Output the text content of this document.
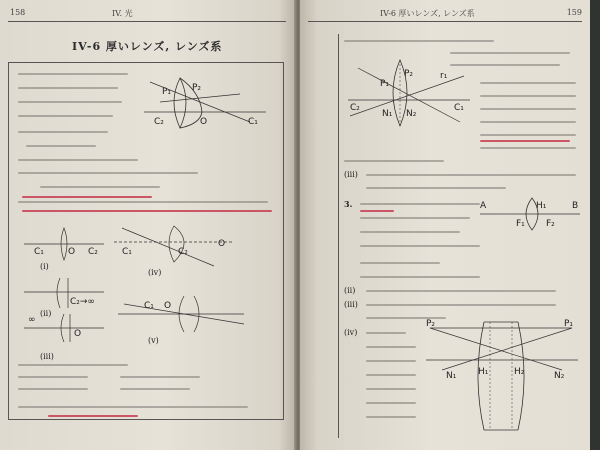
158	IV. 光
IV-6 厚いレンズ, レンズ系
C₂	O	C₁
P₁ P₂
C₁	O C₂	C₁	C₂
O
C₂→∞	C₁ O
∞
O
(i)
(ii)
(iii)
(iv)
(v)
159
IV-6 厚いレンズ, レンズ系
C₂	C₁
P₁
N₁ N₂
r₁
P₂
(iii)
3.	A	B
H₁
F₁ F₂
(ii)
(iii)
(iv)
P₂	P₁
N₁	N₂
H₁	H₂
